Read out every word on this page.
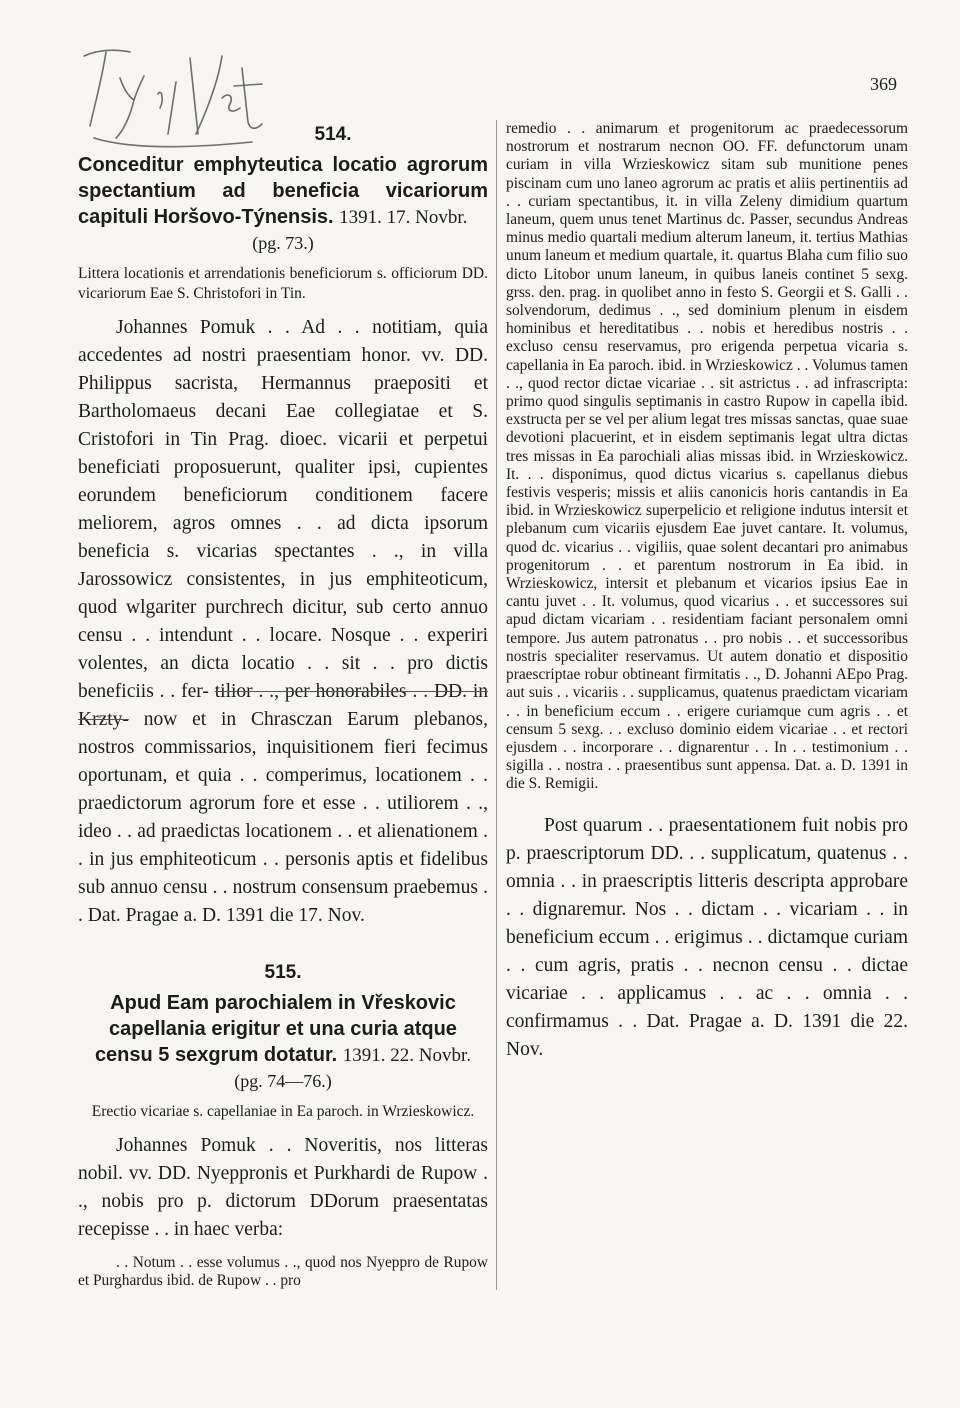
369
514.
Conceditur emphyteutica locatio agrorum spectantium ad beneficia vicariorum capituli Horšovo-Týnensis. 1391. 17. Novbr.
(pg. 73.)
Littera locationis et arrendationis beneficiorum s. officiorum DD. vicariorum Eae S. Christofori in Tin.

Johannes Pomuk . . Ad . . notitiam, quia accedentes ad nostri praesentiam honor. vv. DD. Philippus sacrista, Hermannus praepositi et Bartholomaeus decani Eae collegiatae et S. Cristofori in Tin Prag. dioec. vicarii et perpetui beneficiati proposuerunt, qualiter ipsi, cupientes eorundem beneficiorum conditionem facere meliorem, agros omnes . . ad dicta ipsorum beneficia s. vicarias spectantes . ., in villa Jarossowicz consistentes, in jus emphiteoticum, quod wlgariter purchrech dicitur, sub certo annuo censu . . intendunt . . locare. Nosque . . experiri volentes, an dicta locatio . . sit . . pro dictis beneficiis . . fer- tilior . ., per honorabiles . . DD. in Krzty- now et in Chrasczan Earum plebanos, nostros commissarios, inquisitionem fieri fecimus oportunam, et quia . . comperimus, locationem . . praedictorum agrorum fore et esse . . utiliorem . ., ideo . . ad praedictas locationem . . et alienationem . . in jus emphiteoticum . . personis aptis et fidelibus sub annuo censu . . nostrum consensum praebemus . . Dat. Pragae a. D. 1391 die 17. Nov.

515.
Apud Eam parochialem in Vřeskovic capellania erigitur et una curia atque censu 5 sexgrum dotatur. 1391. 22. Novbr.
(pg. 74—76.)
Erectio vicariae s. capellaniae in Ea paroch. in Wrzieskowicz.

Johannes Pomuk . . Noveritis, nos litteras nobil. vv. DD. Nyeppronis et Purkhardi de Rupow . ., nobis pro p. dictorum DDorum praesentatas recepisse . . in haec verba:

. . Notum . . esse volumus . ., quod nos Nyeppro de Rupow et Purghardus ibid. de Rupow . . pro

remedio . . animarum et progenitorum ac praedecessorum nostrorum et nostrarum necnon OO. FF. defunctorum unam curiam in villa Wrzieskowicz sitam sub munitione penes piscinam cum uno laneo agrorum ac pratis et aliis pertinentiis ad . . curiam spectantibus, it. in villa Zeleny dimidium quartum laneum, quem unus tenet Martinus dc. Passer, secundus Andreas minus medio quartali medium alterum laneum, it. tertius Mathias unum laneum et medium quartale, it. quartus Blaha cum filio suo dicto Litobor unum laneum, in quibus laneis continet 5 sexg. grss. den. prag. in quolibet anno in festo S. Georgii et S. Galli . . solvendorum, dedimus . ., sed dominium plenum in eisdem hominibus et hereditatibus . . nobis et heredibus nostris . . excluso censu reservamus, pro erigenda perpetua vicaria s. capellania in Ea paroch. ibid. in Wrzieskowicz . . Volumus tamen . ., quod rector dictae vicariae . . sit astrictus . . ad infrascripta: primo quod singulis septimanis in castro Rupow in capella ibid. exstructa per se vel per alium legat tres missas sanctas, quae suae devotioni placuerint, et in eisdem septimanis legat ultra dictas tres missas in Ea parochiali alias missas ibid. in Wrzieskowicz. It. . . disponimus, quod dictus vicarius s. capellanus diebus festivis vesperis; missis et aliis canonicis horis cantandis in Ea ibid. in Wrzieskowicz superpelicio et religione indutus intersit et plebanum cum vicariis ejusdem Eae juvet cantare. It. volumus, quod dc. vicarius . . vigiliis, quae solent decantari pro animabus progenitorum . . et parentum nostrorum in Ea ibid. in Wrzieskowicz, intersit et plebanum et vicarios ipsius Eae in cantu juvet . . It. volumus, quod vicarius . . et successores sui apud dictam vicariam . . residentiam faciant personalem omni tempore. Jus autem patronatus . . pro nobis . . et successoribus nostris specialiter reservamus. Ut autem donatio et dispositio praescriptae robur obtineant firmitatis . ., D. Johanni AEpo Prag. aut suis . . vicariis . . supplicamus, quatenus praedictam vicariam . . in beneficium eccum . . erigere curiamque cum agris . . et censum 5 sexg. . . excluso dominio eidem vicariae . . et rectori ejusdem . . incorporare . . dignarentur . . In . . testimonium . . sigilla . . nostra . . praesentibus sunt appensa. Dat. a. D. 1391 in die S. Remigii.

Post quarum . . praesentationem fuit nobis pro p. praescriptorum DD. . . supplicatum, quatenus . . omnia . . in praescriptis litteris descripta approbare . . dignaremur. Nos . . dictam . . vicariam . . in beneficium eccum . . erigimus . . dictamque curiam . . cum agris, pratis . . necnon censu . . dictae vicariae . . applicamus . . ac . . omnia . . confirmamus . . Dat. Pragae a. D. 1391 die 22. Nov.
